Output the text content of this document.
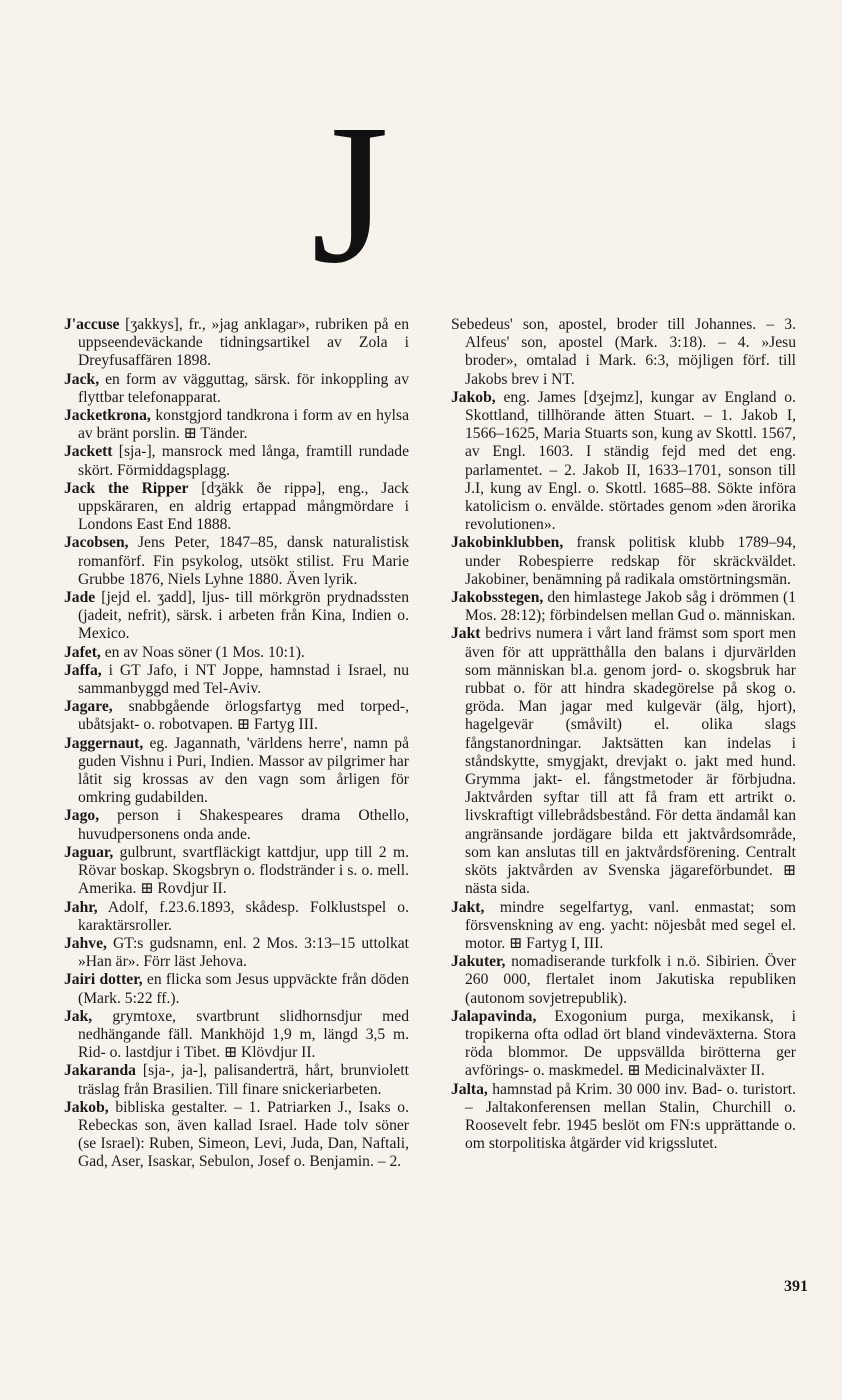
J

J'accuse [ʒakkys], fr., »jag anklagar», rubriken på en uppseendeväckande tidningsartikel av Zola i Dreyfusaffären 1898.

Jack, en form av vägguttag, särsk. för inkoppling av flyttbar telefonapparat.

Jacketkrona, konstgjord tandkrona i form av en hylsa av bränt porslin. ⊞ Tänder.

Jackett [sja-], mansrock med långa, framtill rundade skört. Förmiddagsplagg.

Jack the Ripper [dʒäkk ðe rippə], eng., Jack uppskäraren, en aldrig ertappad mångmördare i Londons East End 1888.

Jacobsen, Jens Peter, 1847–85, dansk naturalistisk romanförf. Fin psykolog, utsökt stilist. Fru Marie Grubbe 1876, Niels Lyhne 1880. Även lyrik.

Jade [jejd el. ʒadd], ljus- till mörkgrön prydnadssten (jadeit, nefrit), särsk. i arbeten från Kina, Indien o. Mexico.

Jafet, en av Noas söner (1 Mos. 10:1).

Jaffa, i GT Jafo, i NT Joppe, hamnstad i Israel, nu sammanbyggd med Tel-Aviv.

Jagare, snabbgående örlogsfartyg med torped-, ubåtsjakt- o. robotvapen. ⊞ Fartyg III.

Jaggernaut, eg. Jagannath, 'världens herre', namn på guden Vishnu i Puri, Indien. Massor av pilgrimer har låtit sig krossas av den vagn som årligen för omkring gudabilden.

Jago, person i Shakespeares drama Othello, huvudpersonens onda ande.

Jaguar, gulbrunt, svartfläckigt kattdjur, upp till 2 m. Rövar boskap. Skogsbryn o. flodstränder i s. o. mell. Amerika. ⊞ Rovdjur II.

Jahr, Adolf, f.23.6.1893, skådesp. Folklustspel o. karaktärsroller.

Jahve, GT:s gudsnamn, enl. 2 Mos. 3:13–15 uttolkat »Han är». Förr läst Jehova.

Jairi dotter, en flicka som Jesus uppväckte från döden (Mark. 5:22 ff.).

Jak, grymtoxe, svartbrunt slidhornsdjur med nedhängande fäll. Mankhöjd 1,9 m, längd 3,5 m. Rid- o. lastdjur i Tibet. ⊞ Klövdjur II.

Jakaranda [sja-, ja-], palisanderträ, hårt, brunviolett träslag från Brasilien. Till finare snickeriarbeten.

Jakob, bibliska gestalter. – 1. Patriarken J., Isaks o. Rebeckas son, även kallad Israel. Hade tolv söner (se Israel): Ruben, Simeon, Levi, Juda, Dan, Naftali, Gad, Aser, Isaskar, Sebulon, Josef o. Benjamin. – 2.

Sebedeus' son, apostel, broder till Johannes. – 3. Alfeus' son, apostel (Mark. 3:18). – 4. »Jesu broder», omtalad i Mark. 6:3, möjligen förf. till Jakobs brev i NT.

Jakob, eng. James [dʒejmz], kungar av England o. Skottland, tillhörande ätten Stuart. – 1. Jakob I, 1566–1625, Maria Stuarts son, kung av Skottl. 1567, av Engl. 1603. I ständig fejd med det eng. parlamentet. – 2. Jakob II, 1633–1701, sonson till J.I, kung av Engl. o. Skottl. 1685–88. Sökte införa katolicism o. envälde. störtades genom »den ärorika revolutionen».

Jakobinklubben, fransk politisk klubb 1789–94, under Robespierre redskap för skräckväldet. Jakobiner, benämning på radikala omstörtningsmän.

Jakobsstegen, den himlastege Jakob såg i drömmen (1 Mos. 28:12); förbindelsen mellan Gud o. människan.

Jakt bedrivs numera i vårt land främst som sport men även för att upprätthålla den balans i djurvärlden som människan bl.a. genom jord- o. skogsbruk har rubbat o. för att hindra skadegörelse på skog o. gröda. Man jagar med kulgevär (älg, hjort), hagelgevär (småvilt) el. olika slags fångstanordningar. Jaktsätten kan indelas i ståndskytte, smygjakt, drevjakt o. jakt med hund. Grymma jakt- el. fångstmetoder är förbjudna. Jaktvården syftar till att få fram ett artrikt o. livskraftigt villebrådsbestånd. För detta ändamål kan angränsande jordägare bilda ett jaktvårdsområde, som kan anslutas till en jaktvårdsförening. Centralt sköts jaktvården av Svenska jägareförbundet. ⊞ nästa sida.

Jakt, mindre segelfartyg, vanl. enmastat; som försvenskning av eng. yacht: nöjesbåt med segel el. motor. ⊞ Fartyg I, III.

Jakuter, nomadiserande turkfolk i n.ö. Sibirien. Över 260 000, flertalet inom Jakutiska republiken (autonom sovjetrepublik).

Jalapavinda, Exogonium purga, mexikansk, i tropikerna ofta odlad ört bland vindeväxterna. Stora röda blommor. De uppsvällda birötterna ger avförings- o. maskmedel. ⊞ Medicinalväxter II.

Jalta, hamnstad på Krim. 30 000 inv. Bad- o. turistort. – Jaltakonferensen mellan Stalin, Churchill o. Roosevelt febr. 1945 beslöt om FN:s upprättande o. om storpolitiska åtgärder vid krigsslutet.

391
